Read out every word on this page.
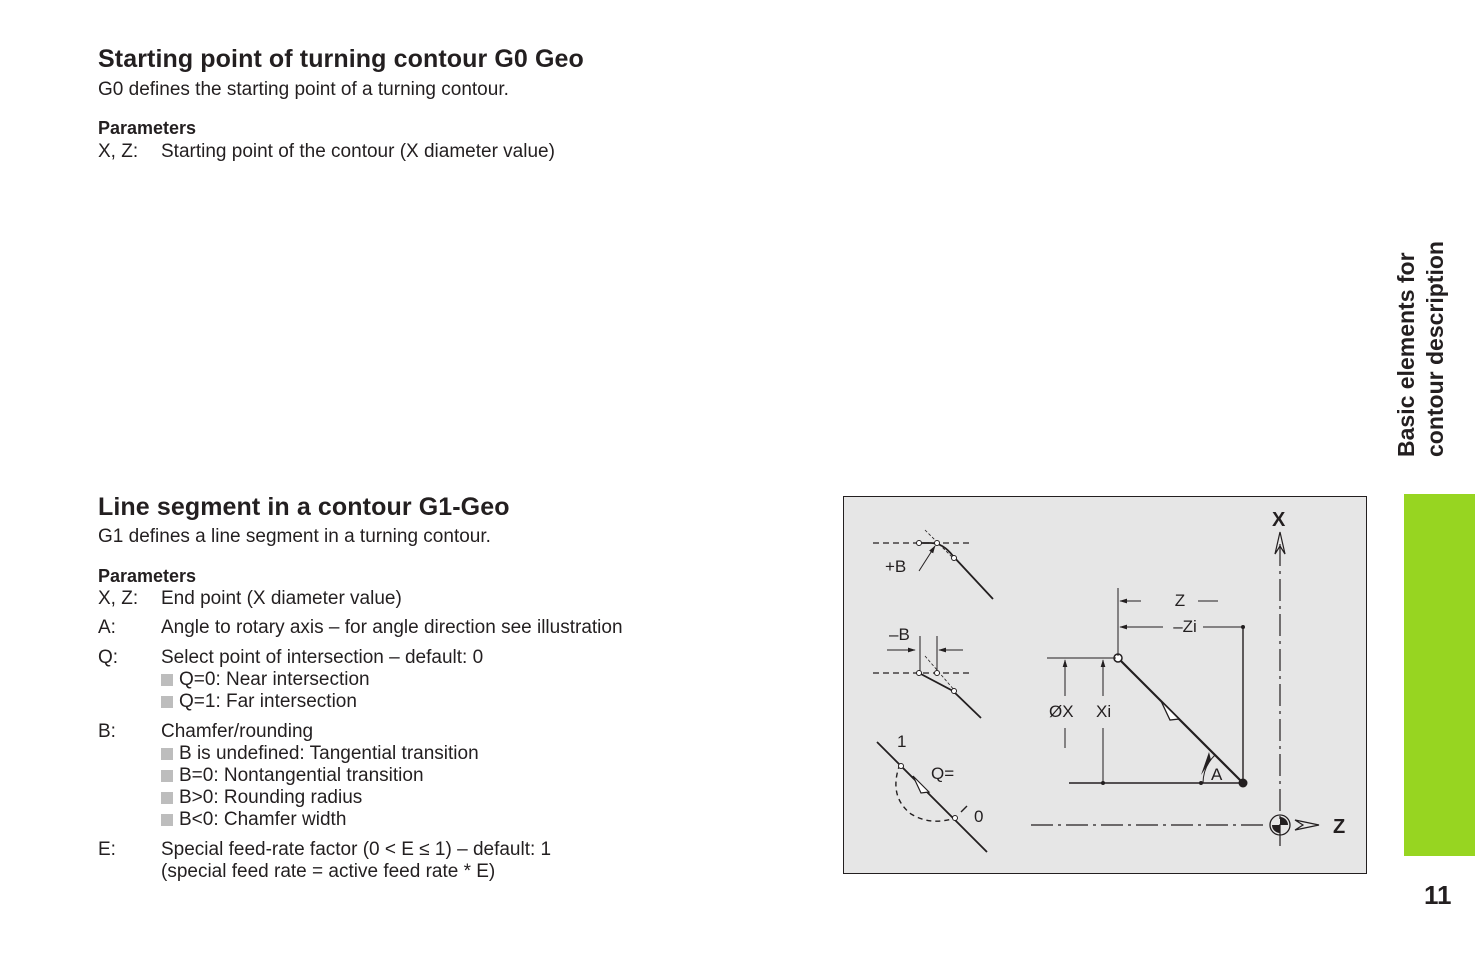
Starting point of turning contour G0 Geo

G0 defines the starting point of a turning contour.

Parameters

X, Z: Starting point of the contour (X diameter value)
Line segment in a contour G1-Geo

G1 defines a line segment in a turning contour.

Parameters

X, Z: End point (X diameter value)
A: Angle to rotary axis – for angle direction see illustration
Q: Select point of intersection – default: 0
Q=0: Near intersection
Q=1: Far intersection
B: Chamfer/rounding
B is undefined: Tangential transition
B=0: Nontangential transition
B>0: Rounding radius
B<0: Chamfer width
E: Special feed-rate factor (0 < E ≤ 1) – default: 1
(special feed rate = active feed rate * E)
X
Z
Z
–Zi
ØX Xi
A
+B
–B
1
0
Q=
Basic elements for contour description
11
